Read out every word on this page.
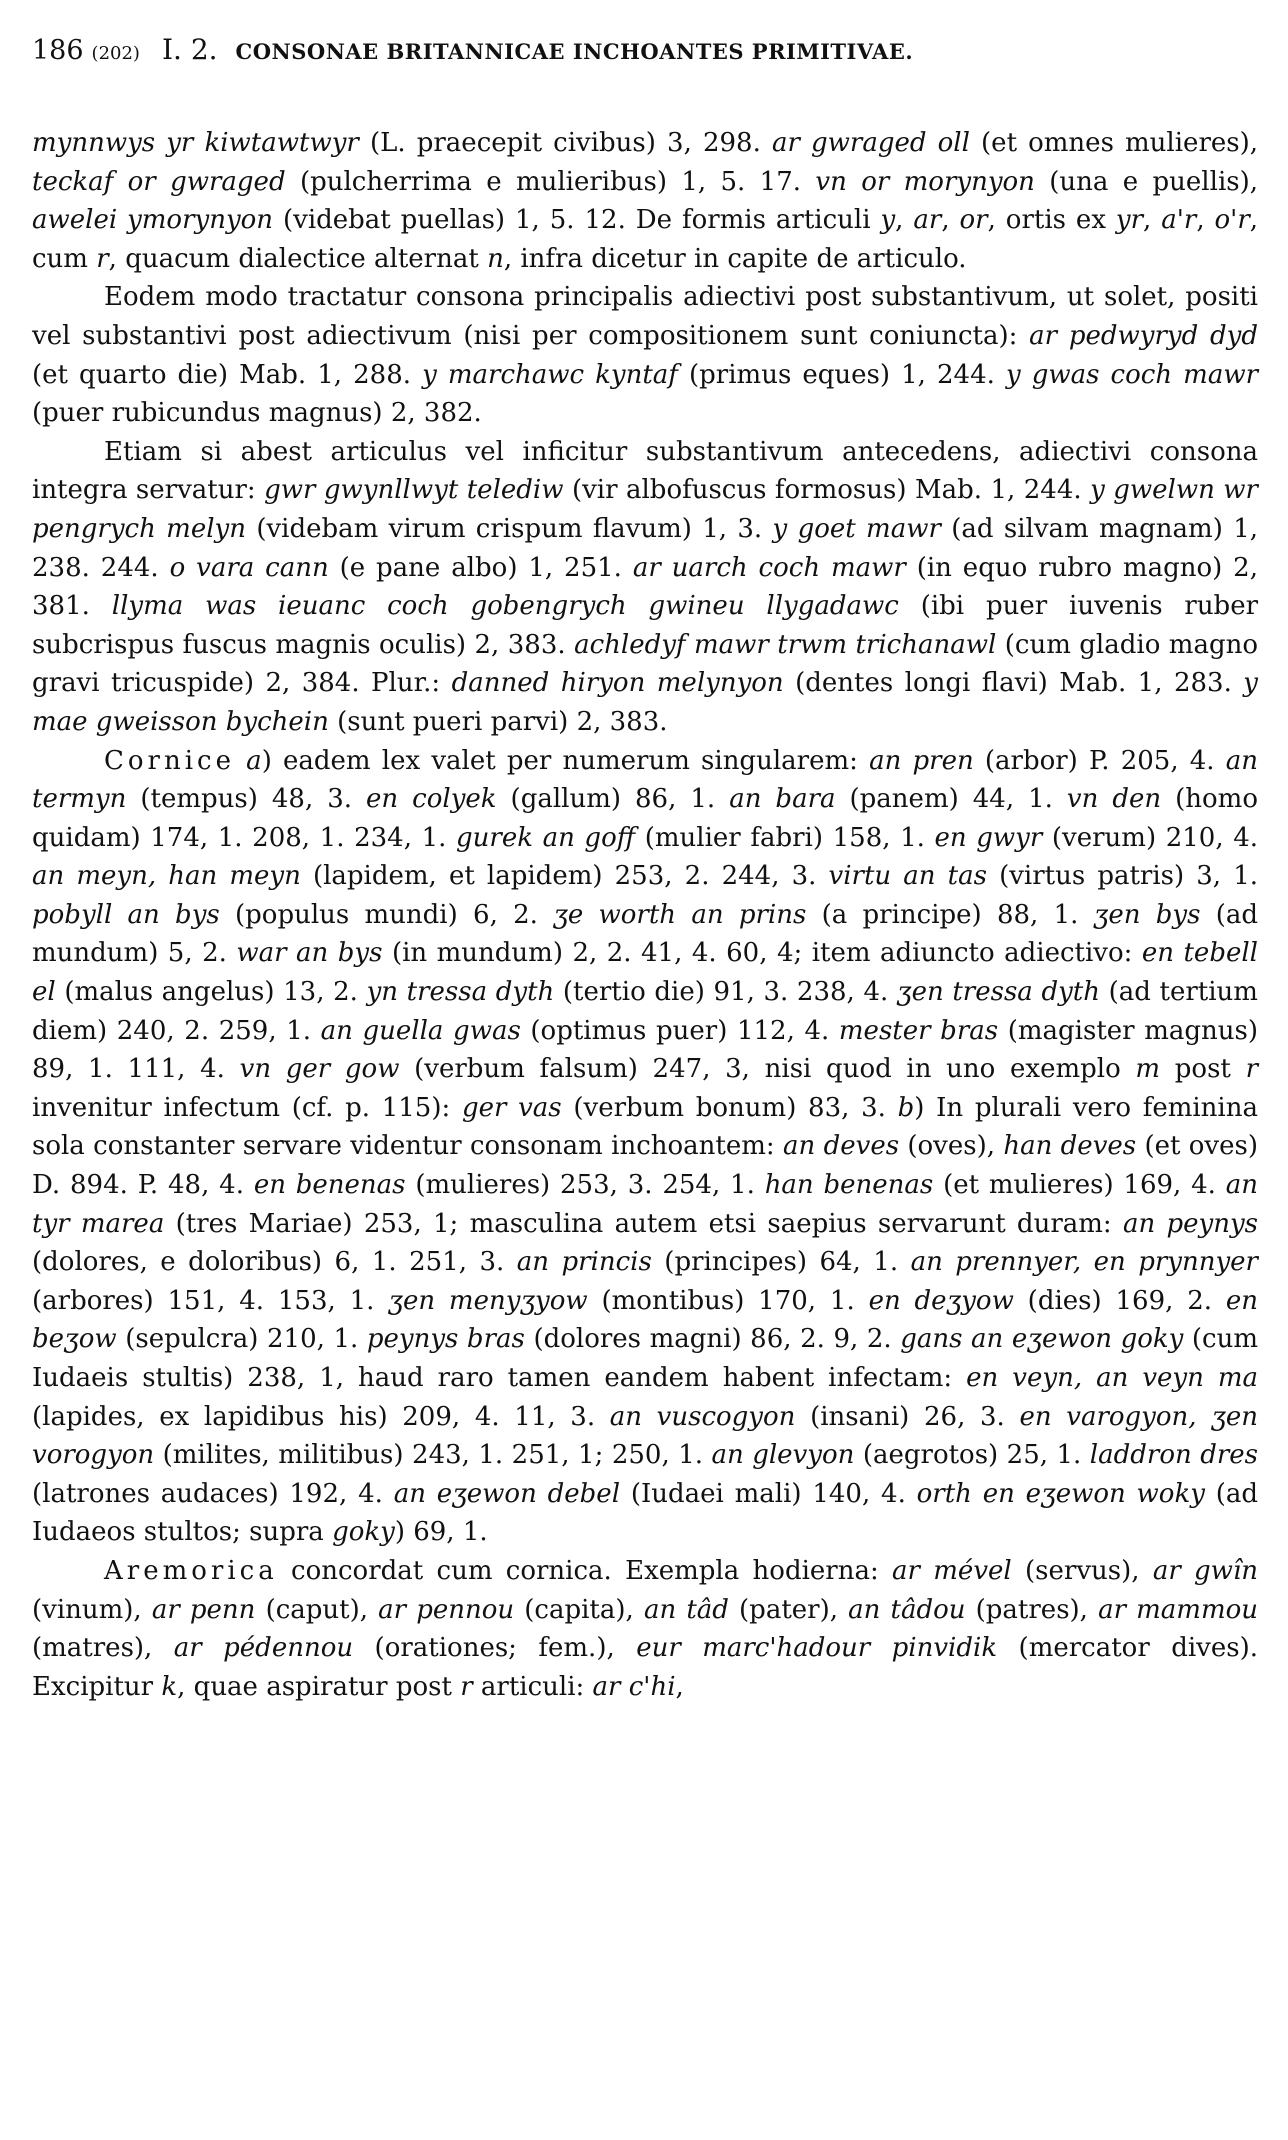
186 (202) I. 2. CONSONAE BRITANNICAE INCHOANTES PRIMITIVAE.

mynnwys yr kiwtawtwyr (L. praecepit civibus) 3, 298. ar gwraged oll (et omnes mulieres), teckaf or gwraged (pulcherrima e mulieribus) 1, 5. 17. vn or morynyon (una e puellis), awelei ymorynyon (videbat puellas) 1, 5. 12. De formis articuli y, ar, or, ortis ex yr, a'r, o'r, cum r, quacum dialectice alternat n, infra dicetur in capite de articulo.

Eodem modo tractatur consona principalis adiectivi post substantivum, ut solet, positi vel substantivi post adiectivum (nisi per compositionem sunt coniuncta): ar pedwyryd dyd (et quarto die) Mab. 1, 288. y marchawc kyntaf (primus eques) 1, 244. y gwas coch mawr (puer rubicundus magnus) 2, 382.

Etiam si abest articulus vel inficitur substantivum antecedens, adiectivi consona integra servatur: gwr gwynllwyt telediw (vir albofuscus formosus) Mab. 1, 244. y gwelwn wr pengrych melyn (videbam virum crispum flavum) 1, 3. y goet mawr (ad silvam magnam) 1, 238. 244. o vara cann (e pane albo) 1, 251. ar uarch coch mawr (in equo rubro magno) 2, 381. llyma was ieuanc coch gobengrych gwineu llygadawc (ibi puer iuvenis ruber subcrispus fuscus magnis oculis) 2, 383. achledyf mawr trwm trichanawl (cum gladio magno gravi tricuspide) 2, 384. Plur.: danned hiryon melynyon (dentes longi flavi) Mab. 1, 283. y mae gweisson bychein (sunt pueri parvi) 2, 383.

Cornice a) eadem lex valet per numerum singularem: an pren (arbor) P. 205, 4. an termyn (tempus) 48, 3. en colyek (gallum) 86, 1. an bara (panem) 44, 1. vn den (homo quidam) 174, 1. 208, 1. 234, 1. gurek an goff (mulier fabri) 158, 1. en gwyr (verum) 210, 4. an meyn, han meyn (lapidem, et lapidem) 253, 2. 244, 3. virtu an tas (virtus patris) 3, 1. pobyll an bys (populus mundi) 6, 2. ʒe worth an prins (a principe) 88, 1. ʒen bys (ad mundum) 5, 2. war an bys (in mundum) 2, 2. 41, 4. 60, 4; item adiuncto adiectivo: en tebell el (malus angelus) 13, 2. yn tressa dyth (tertio die) 91, 3. 238, 4. ʒen tressa dyth (ad tertium diem) 240, 2. 259, 1. an guella gwas (optimus puer) 112, 4. mester bras (magister magnus) 89, 1. 111, 4. vn ger gow (verbum falsum) 247, 3, nisi quod in uno exemplo m post r invenitur infectum (cf. p. 115): ger vas (verbum bonum) 83, 3. b) In plurali vero feminina sola constanter servare videntur consonam inchoantem: an deves (oves), han deves (et oves) D. 894. P. 48, 4. en benenas (mulieres) 253, 3. 254, 1. han benenas (et mulieres) 169, 4. an tyr marea (tres Mariae) 253, 1; masculina autem etsi saepius servarunt duram: an peynys (dolores, e doloribus) 6, 1. 251, 3. an princis (principes) 64, 1. an prennyer, en prynnyer (arbores) 151, 4. 153, 1. ʒen menyʒyow (montibus) 170, 1. en deʒyow (dies) 169, 2. en beʒow (sepulcra) 210, 1. peynys bras (dolores magni) 86, 2. 9, 2. gans an eʒewon goky (cum Iudaeis stultis) 238, 1, haud raro tamen eandem habent infectam: en veyn, an veyn ma (lapides, ex lapidibus his) 209, 4. 11, 3. an vuscogyon (insani) 26, 3. en varogyon, ʒen vorogyon (milites, militibus) 243, 1. 251, 1; 250, 1. an glevyon (aegrotos) 25, 1. laddron dres (latrones audaces) 192, 4. an eʒewon debel (Iudaei mali) 140, 4. orth en eʒewon woky (ad Iudaeos stultos; supra goky) 69, 1.

Aremorica concordat cum cornica. Exempla hodierna: ar mével (servus), ar gwîn (vinum), ar penn (caput), ar pennou (capita), an tâd (pater), an tâdou (patres), ar mammou (matres), ar pédennou (orationes; fem.), eur marc'hadour pinvidik (mercator dives). Excipitur k, quae aspiratur post r articuli: ar c'hi,
